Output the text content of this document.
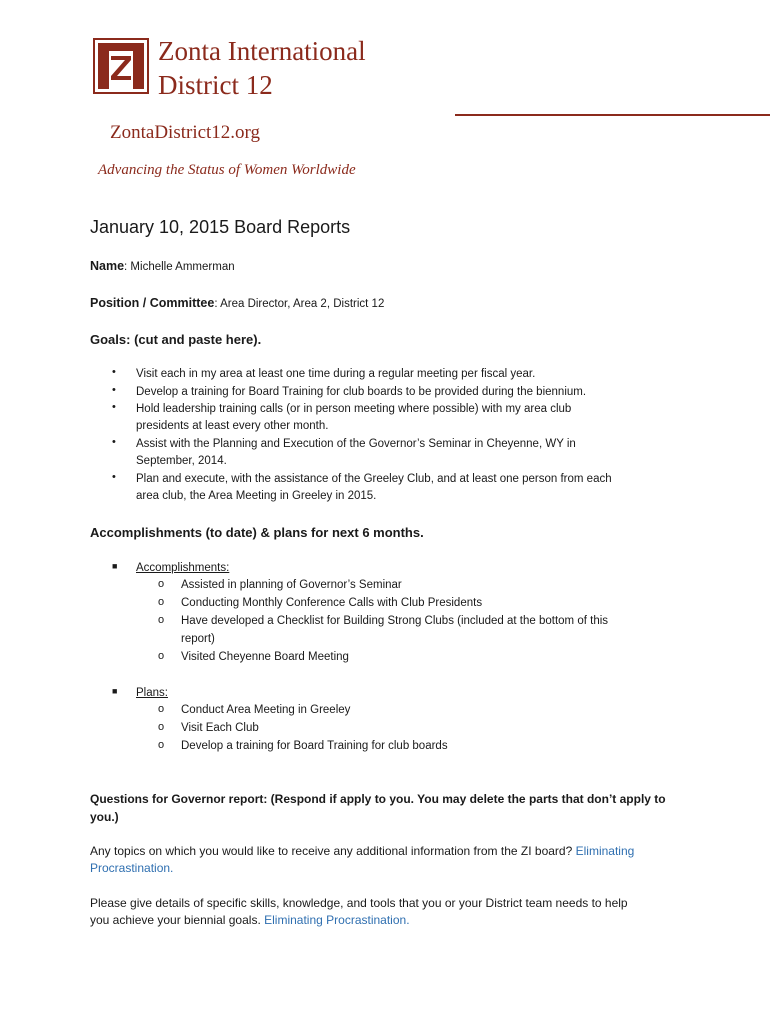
Zonta International
District 12
ZontaDistrict12.org
Advancing the Status of Women Worldwide
January 10, 2015 Board Reports
Name: Michelle Ammerman
Position / Committee: Area Director, Area 2, District 12
Goals: (cut and paste here).
• Visit each in my area at least one time during a regular meeting per fiscal year.
• Develop a training for Board Training for club boards to be provided during the biennium.
• Hold leadership training calls (or in person meeting where possible) with my area club
presidents at least every other month.
• Assist with the Planning and Execution of the Governor’s Seminar in Cheyenne, WY in
September, 2014.
• Plan and execute, with the assistance of the Greeley Club, and at least one person from each
area club, the Area Meeting in Greeley in 2015.
Accomplishments (to date) & plans for next 6 months.
■ Accomplishments:
o Assisted in planning of Governor’s Seminar
o Conducting Monthly Conference Calls with Club Presidents
o Have developed a Checklist for Building Strong Clubs (included at the bottom of this
report)
o Visited Cheyenne Board Meeting
■ Plans:
o Conduct Area Meeting in Greeley
o Visit Each Club
o Develop a training for Board Training for club boards
Questions for Governor report: (Respond if apply to you. You may delete the parts that don’t apply to
you.)
Any topics on which you would like to receive any additional information from the ZI board? Eliminating
Procrastination.
Please give details of specific skills, knowledge, and tools that you or your District team needs to help
you achieve your biennial goals. Eliminating Procrastination.
